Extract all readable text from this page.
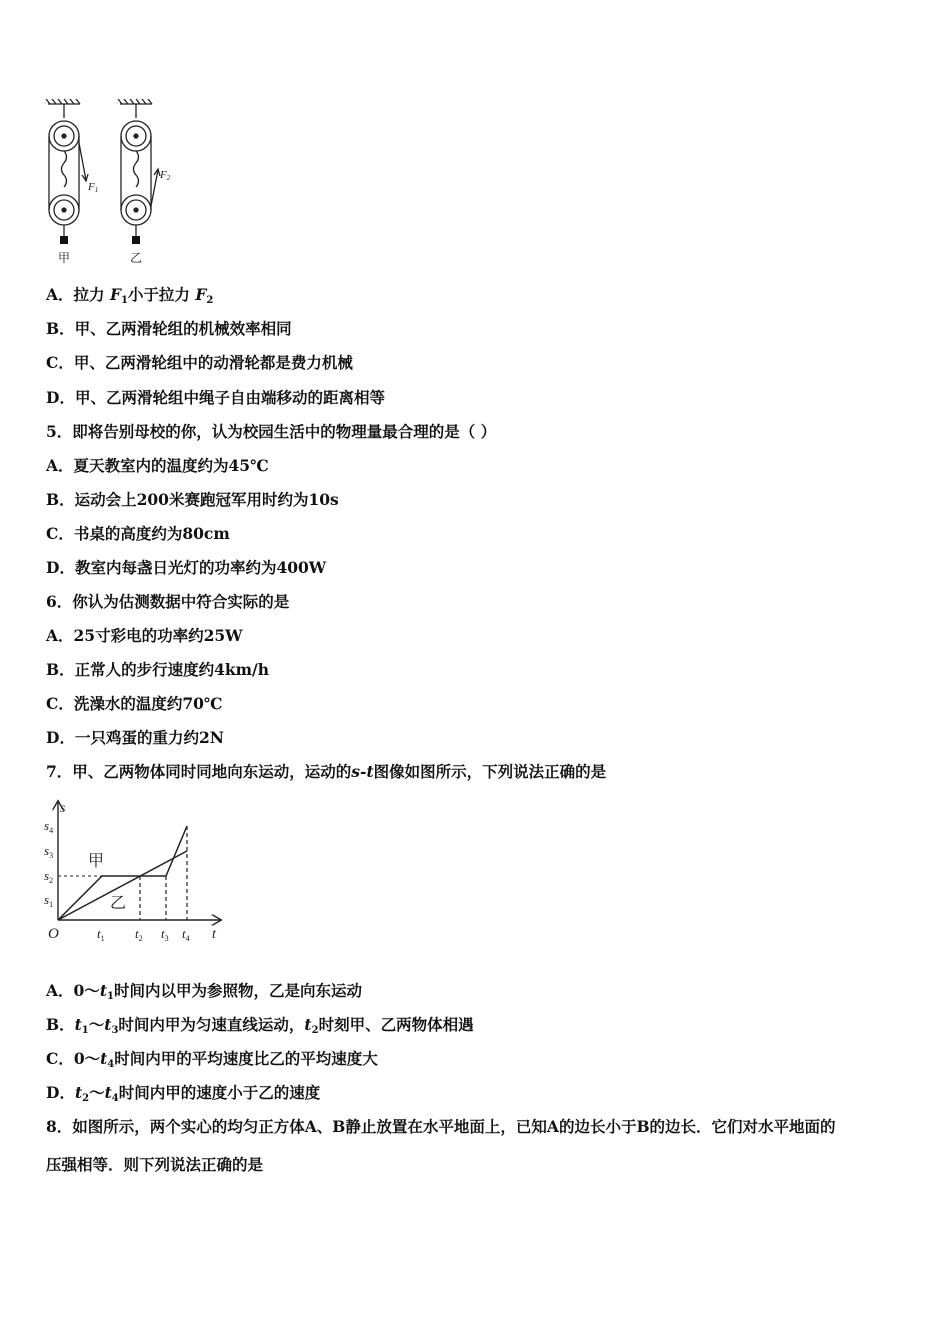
F1
甲
F2
乙
A．拉力 $F_1$小于拉力 $F_2$
B．甲、乙两滑轮组的机械效率相同
C．甲、乙两滑轮组中的动滑轮都是费力机械
D．甲、乙两滑轮组中绳子自由端移动的距离相等
5．即将告别母校的你，认为校园生活中的物理量最合理的是（ ）
A．夏天教室内的温度约为45℃
B．运动会上200米赛跑冠军用时约为10s
C．书桌的高度约为80cm
D．教室内每盏日光灯的功率约为400W
6．你认为估测数据中符合实际的是
A．25寸彩电的功率约25W
B．正常人的步行速度约4km/h
C．洗澡水的温度约70℃
D．一只鸡蛋的重力约2N
7．甲、乙两物体同时同地向东运动，运动的s-t图像如图所示，下列说法正确的是
s
t
O
$s_1$
$s_2$
$s_3$
$s_4$
$t_1$ $t_2$ $t_3$ $t_4$
甲
乙
A．$0\sim t_1$时间内以甲为参照物，乙是向东运动
B．$t_1\sim t_3$时间内甲为匀速直线运动，$t_2$时刻甲、乙两物体相遇
C．$0\sim t_4$时间内甲的平均速度比乙的平均速度大
D．$t_2\sim t_4$时间内甲的速度小于乙的速度
8．如图所示，两个实心的均匀正方体A、B静止放置在水平地面上，已知A的边长小于B的边长．它们对水平地面的
压强相等．则下列说法正确的是
